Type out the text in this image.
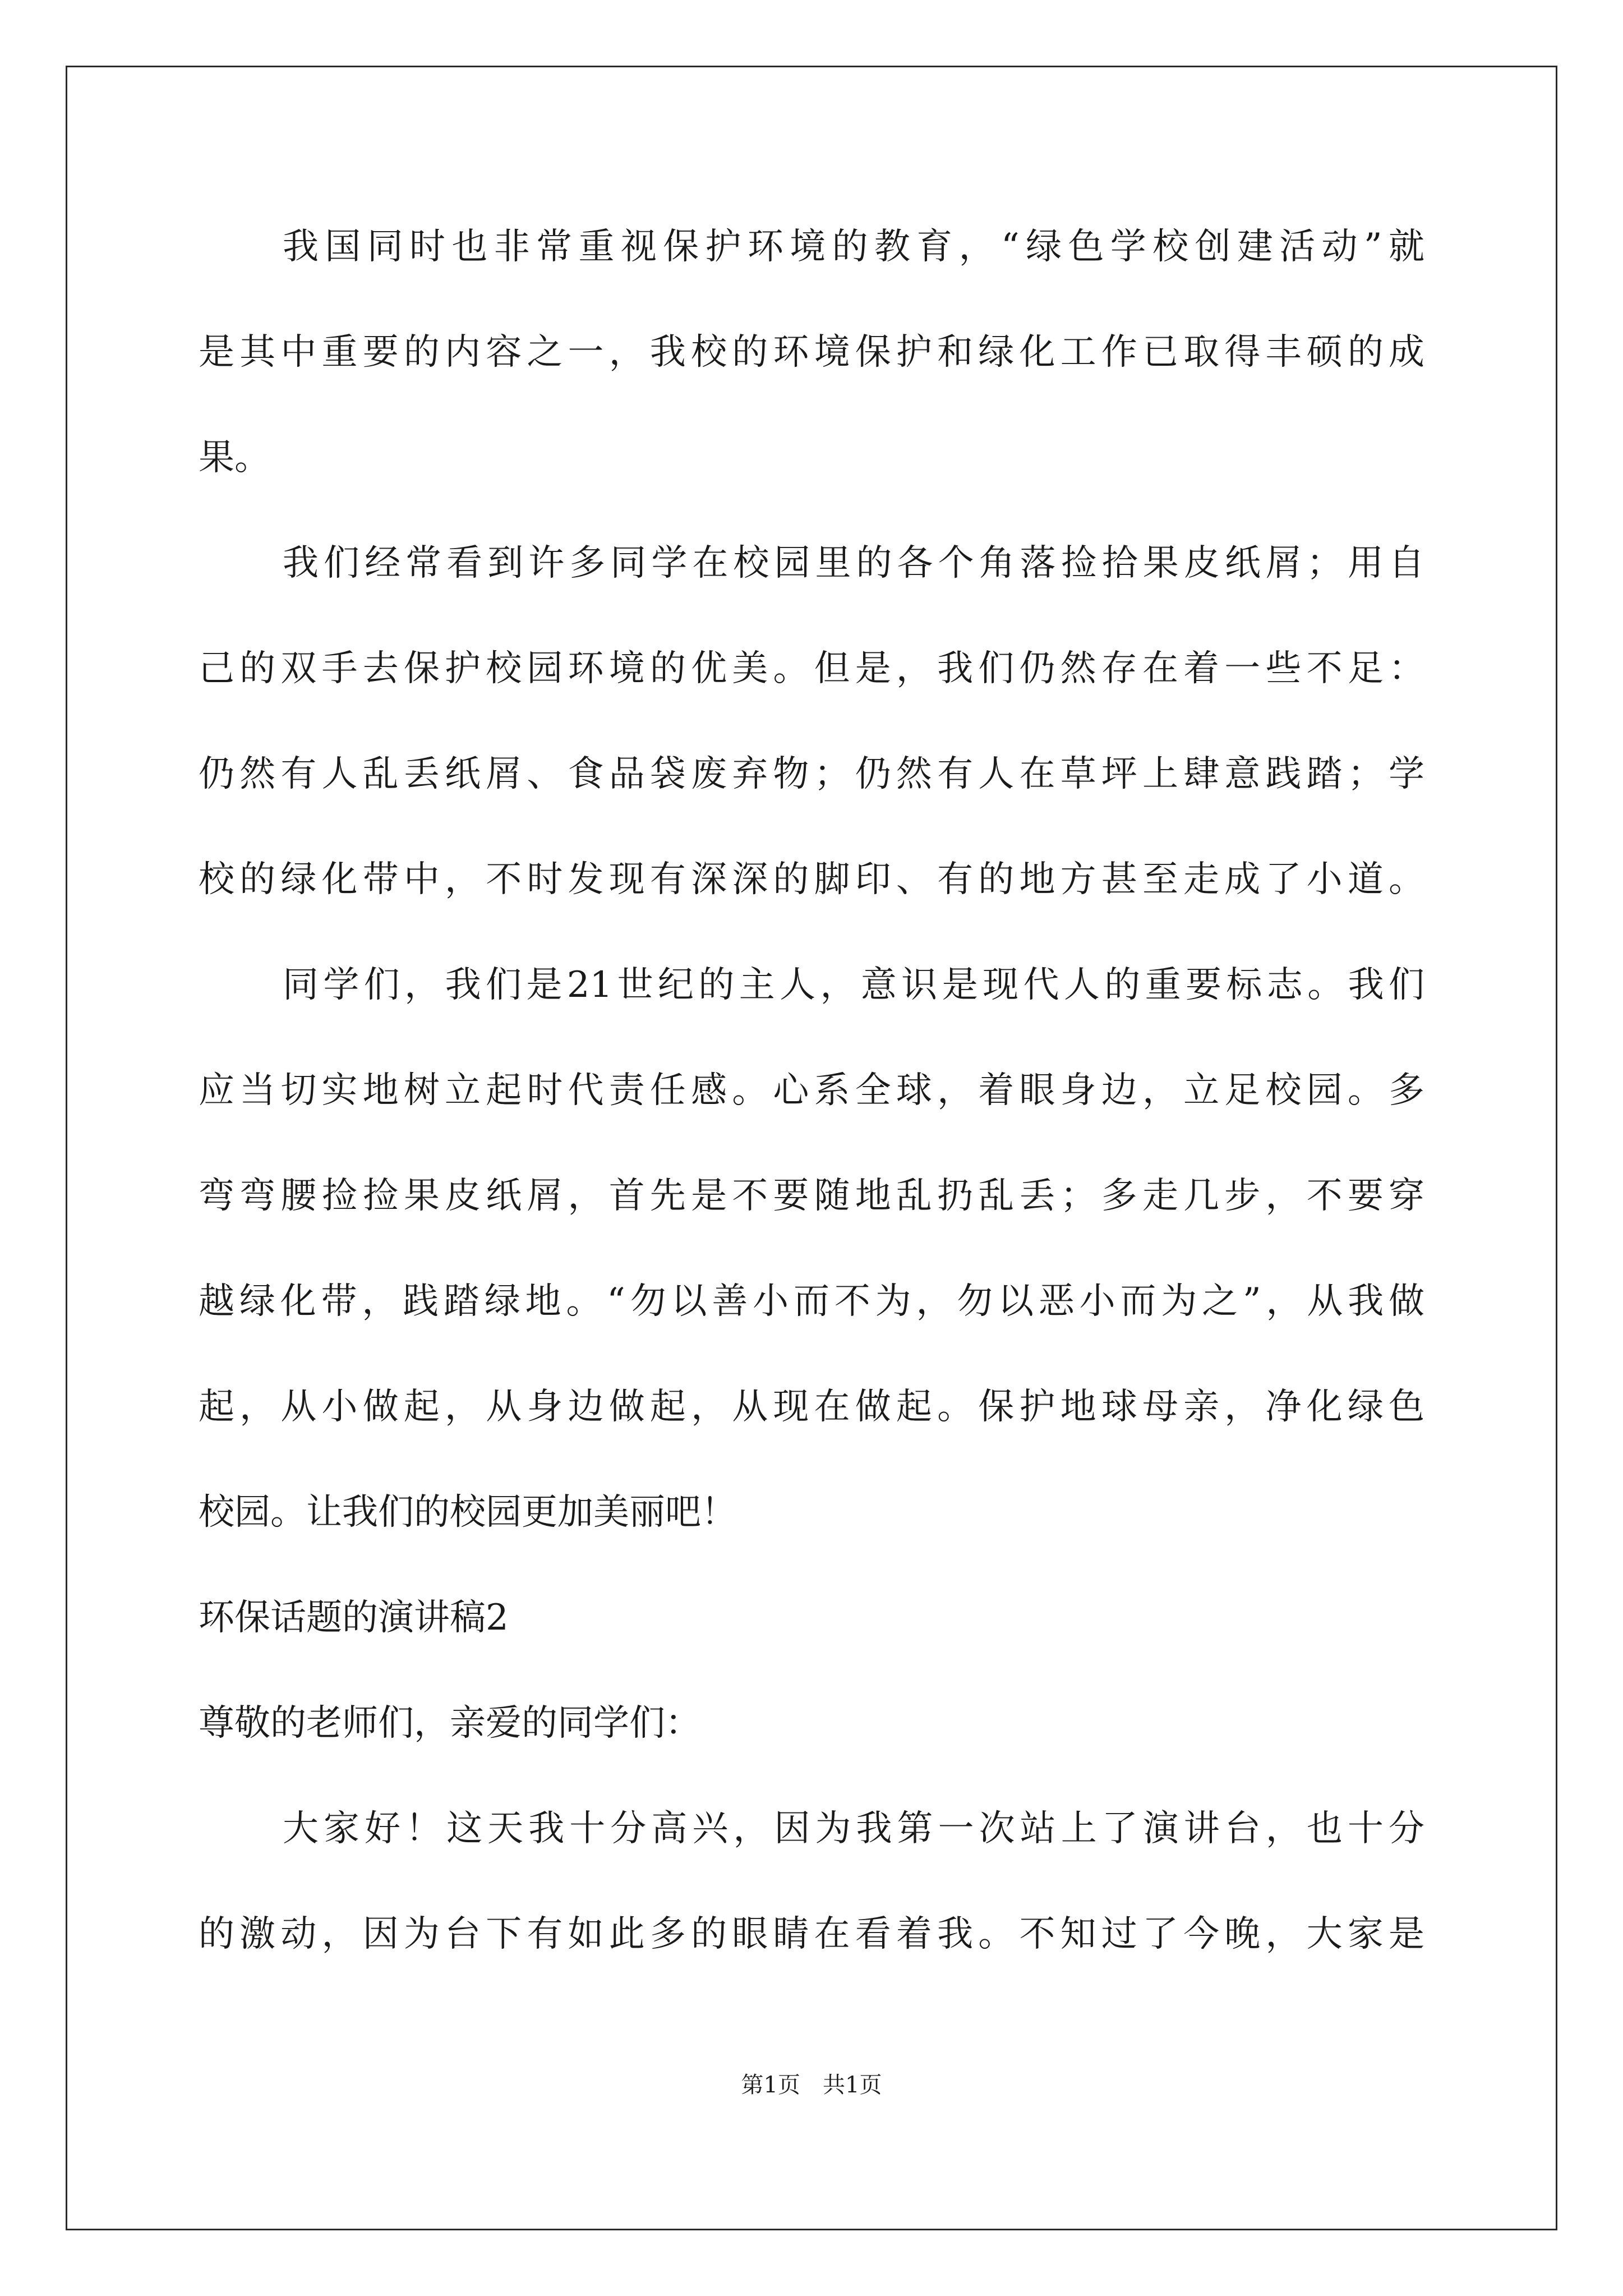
我国同时也非常重视保护环境的教育，“绿色学校创建活动”就
是其中重要的内容之一，我校的环境保护和绿化工作已取得丰硕的成
果。
我们经常看到许多同学在校园里的各个角落捡拾果皮纸屑；用自
己的双手去保护校园环境的优美。但是，我们仍然存在着一些不足：
仍然有人乱丢纸屑、食品袋废弃物；仍然有人在草坪上肆意践踏；学
校的绿化带中，不时发现有深深的脚印、有的地方甚至走成了小道。
同学们，我们是21世纪的主人，意识是现代人的重要标志。我们
应当切实地树立起时代责任感。心系全球，着眼身边，立足校园。多
弯弯腰捡捡果皮纸屑，首先是不要随地乱扔乱丢；多走几步，不要穿
越绿化带，践踏绿地。“勿以善小而不为，勿以恶小而为之”，从我做
起，从小做起，从身边做起，从现在做起。保护地球母亲，净化绿色
校园。让我们的校园更加美丽吧！
环保话题的演讲稿2
尊敬的老师们，亲爱的同学们：
大家好！这天我十分高兴，因为我第一次站上了演讲台，也十分
的激动，因为台下有如此多的眼睛在看着我。不知过了今晚，大家是
第1页　共1页
